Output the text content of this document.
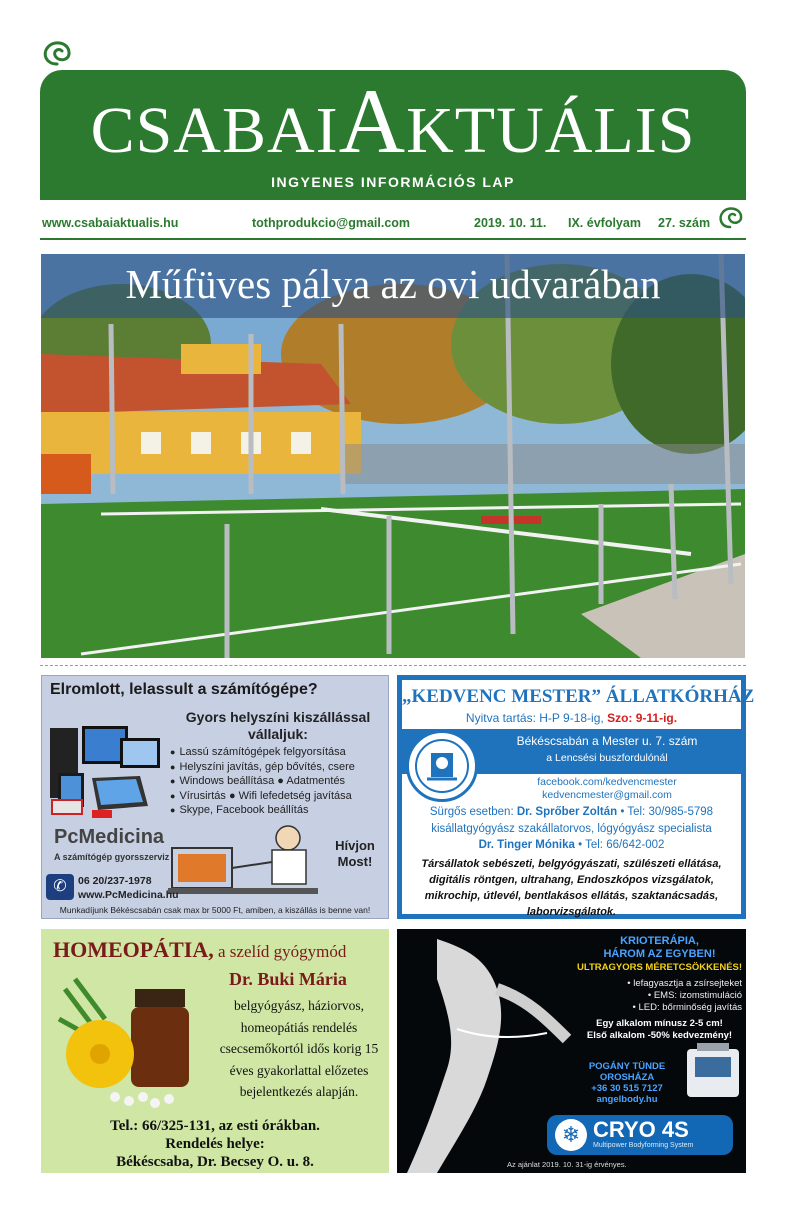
CSABAIAKTUÁLIS
INGYENES INFORMÁCIÓS LAP
www.csabaiaktualis.hu	tothprodukcio@gmail.com	2019. 10. 11. IX. évfolyam 27. szám
Műfüves pálya az ovi udvarában
Elromlott, lelassult a számítógépe?
Gyors helyszíni kiszállással
vállaljuk:
● Lassú számítógépek felgyorsítása
● Helyszíni javítás, gép bővítés, csere
● Windows beállítása ● Adatmentés
● Vírusirtás ● Wifi lefedetség javítása
● Skype, Facebook beállítás
PcMedicina
A számítógép gyorsszerviz
Hívjon
Most!
✆	06 20/237-1978
www.PcMedicina.hu
Munkadíjunk Békéscsabán csak max br 5000 Ft, amiben, a kiszállás is benne van!
„KEDVENC MESTER” ÁLLATKÓRHÁZ
Nyitva tartás: H-P 9-18-ig, Szo: 9-11-ig.
Békéscsabán a Mester u. 7. szám
a Lencsési buszfordulónál
facebook.com/kedvencmester
kedvencmester@gmail.com
Sürgős esetben: Dr. Sprőber Zoltán • Tel: 30/985-5798
kisállatgyógyász szakállatorvos, lógyógyász specialista
Dr. Tinger Mónika • Tel: 66/642-002
Társállatok sebészeti, belgyógyászati, szülészeti ellátása, digitális röntgen, ultrahang, Endoszkópos vizsgálatok, mikrochip, útlevél, bentlakásos ellátás, szaktanácsadás, laborvizsgálatok.
HOMEOPÁTIA, a szelíd gyógymód
Dr. Buki Mária
belgyógyász, háziorvos, homeopátiás rendelés csecsemőkortól idős korig 15 éves gyakorlattal előzetes bejelentkezés alapján.
Tel.: 66/325-131, az esti órákban.
Rendelés helye:
Békéscsaba, Dr. Becsey O. u. 8.
KRIOTERÁPIA,
HÁROM AZ EGYBEN!
ULTRAGYORS MÉRETCSÖKKENÉS!
• lefagyasztja a zsírsejteket
• EMS: izomstimuláció
• LED: bőrminőség javítás
Egy alkalom mínusz 2-5 cm!
Első alkalom -50% kedvezmény!
POGÁNY TÜNDE
OROSHÁZA
+36 30 515 7127
angelbody.hu
❄ CRYO 4S
Multipower Bodyforming System
Az ajánlat 2019. 10. 31-ig érvényes.
